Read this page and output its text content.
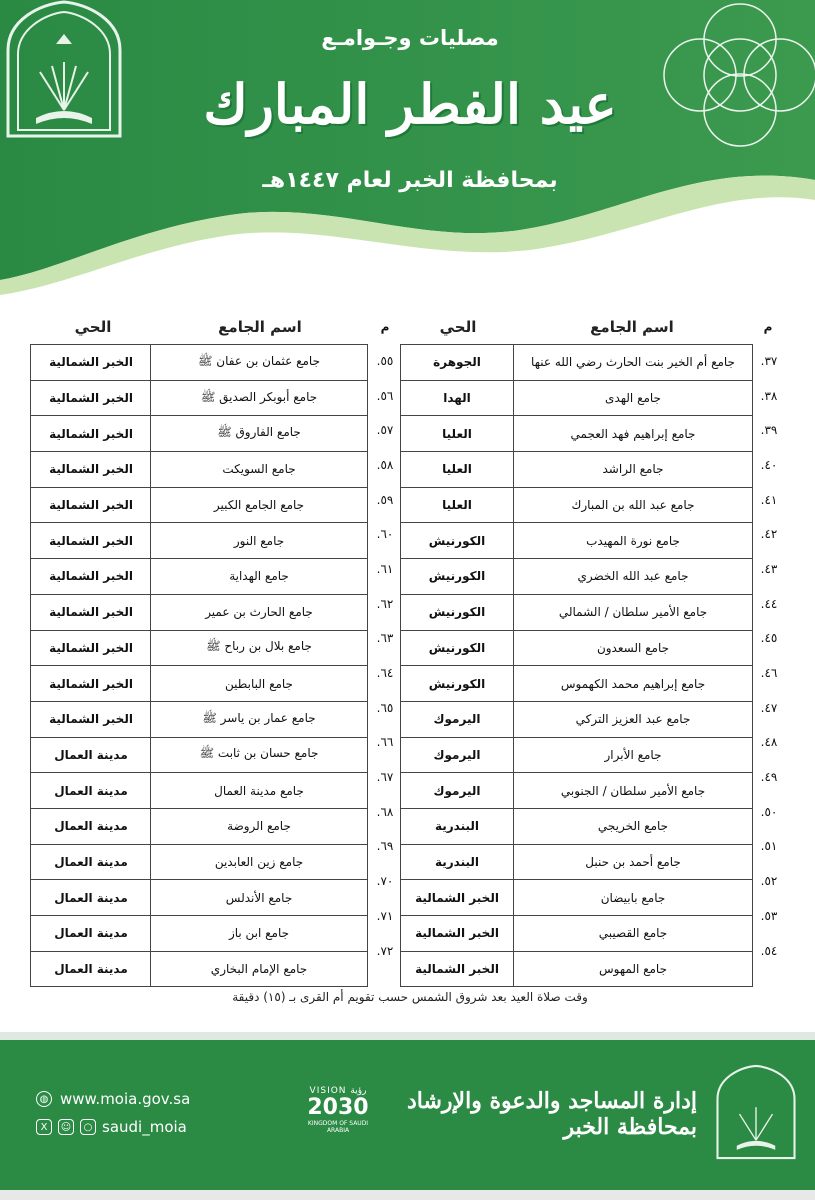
مصليات وجـوامـع
عيد الفطر المبارك
بمحافظة الخبر لعام ١٤٤٧هـ
م
اسم الجامع
الحي
٣٧.
٣٨.
٣٩.
٤٠.
٤١.
٤٢.
٤٣.
٤٤.
٤٥.
٤٦.
٤٧.
٤٨.
٤٩.
٥٠.
٥١.
٥٢.
٥٣.
٥٤.
جامع أم الخير بنت الحارث رضي الله عنها
الجوهرة
جامع الهدى
الهدا
جامع إبراهيم فهد العجمي
العليا
جامع الراشد
العليا
جامع عبد الله بن المبارك
العليا
جامع نورة المهيدب
الكورنيش
جامع عبد الله الخضري
الكورنيش
جامع الأمير سلطان / الشمالي
الكورنيش
جامع السعدون
الكورنيش
جامع إبراهيم محمد الكهموس
الكورنيش
جامع عبد العزيز التركي
اليرموك
جامع الأبرار
اليرموك
جامع الأمير سلطان / الجنوبي
اليرموك
جامع الخريجي
البندرية
جامع أحمد بن حنبل
البندرية
جامع بابيضان
الخبر الشمالية
جامع القصيبي
الخبر الشمالية
جامع المهوس
الخبر الشمالية
م
اسم الجامع
الحي
٥٥.
٥٦.
٥٧.
٥٨.
٥٩.
٦٠.
٦١.
٦٢.
٦٣.
٦٤.
٦٥.
٦٦.
٦٧.
٦٨.
٦٩.
٧٠.
٧١.
٧٢.
جامع عثمان بن عفان ﷺ
الخبر الشمالية
جامع أبوبكر الصديق ﷺ
الخبر الشمالية
جامع الفاروق ﷺ
الخبر الشمالية
جامع السويكت
الخبر الشمالية
جامع الجامع الكبير
الخبر الشمالية
جامع النور
الخبر الشمالية
جامع الهداية
الخبر الشمالية
جامع الحارث بن عمير
الخبر الشمالية
جامع بلال بن رباح ﷺ
الخبر الشمالية
جامع البابطين
الخبر الشمالية
جامع عمار بن ياسر ﷺ
الخبر الشمالية
جامع حسان بن ثابت ﷺ
مدينة العمال
جامع مدينة العمال
مدينة العمال
جامع الروضة
مدينة العمال
جامع زين العابدين
مدينة العمال
جامع الأندلس
مدينة العمال
جامع ابن باز
مدينة العمال
جامع الإمام البخاري
مدينة العمال
وقت صلاة العيد بعد شروق الشمس حسب تقويم أم القرى بـ (١٥) دقيقة
إدارة المساجد والدعوة والإرشاد بمحافظة الخبر
VISION رؤية
2030
KINGDOM OF SAUDI ARABIA
◍ www.moia.gov.sa
X	☺	○ saudi_moia
